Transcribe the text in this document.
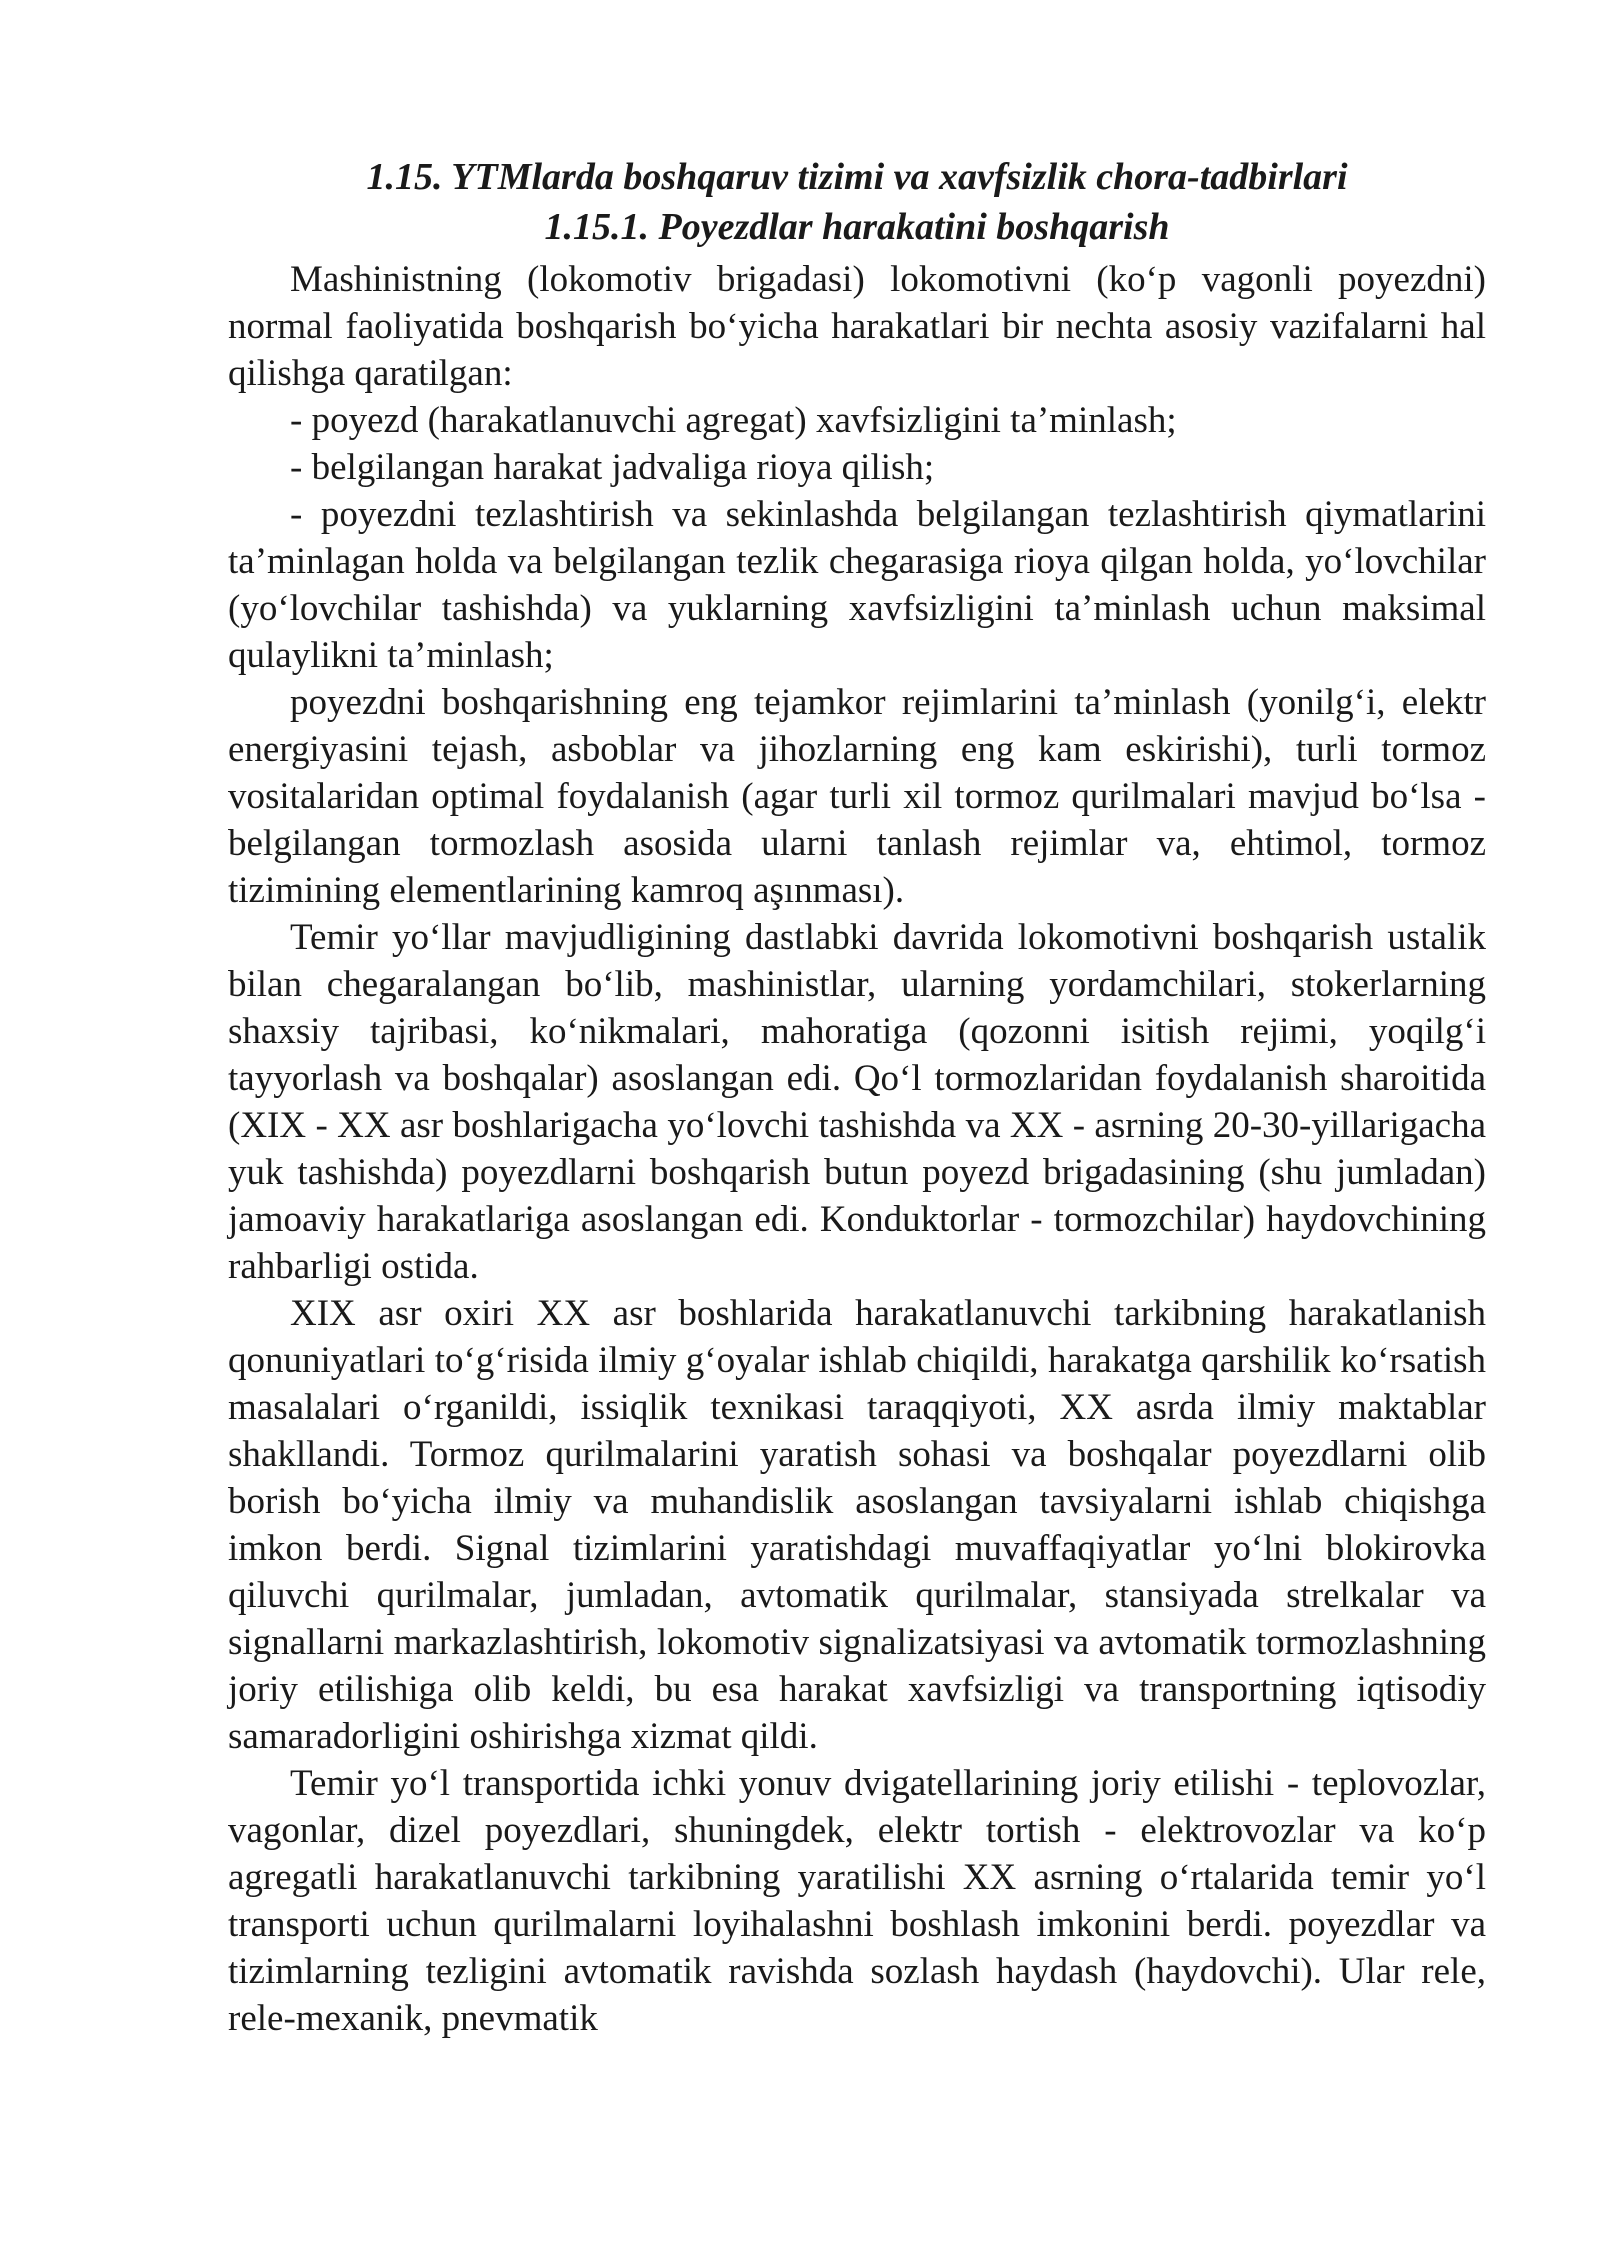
1.15. YTMlarda boshqaruv tizimi va xavfsizlik chora-tadbirlari

1.15.1. Poyezdlar harakatini boshqarish

Mashinistning (lokomotiv brigadasi) lokomotivni (ko‘p vagonli poyezdni) normal faoliyatida boshqarish bo‘yicha harakatlari bir nechta asosiy vazifalarni hal qilishga qaratilgan:

- poyezd (harakatlanuvchi agregat) xavfsizligini ta’minlash;

- belgilangan harakat jadvaliga rioya qilish;

- poyezdni tezlashtirish va sekinlashda belgilangan tezlashtirish qiymatlarini ta’minlagan holda va belgilangan tezlik chegarasiga rioya qilgan holda, yo‘lovchilar (yo‘lovchilar tashishda) va yuklarning xavfsizligini ta’minlash uchun maksimal qulaylikni ta’minlash;

poyezdni boshqarishning eng tejamkor rejimlarini ta’minlash (yonilg‘i, elektr energiyasini tejash, asboblar va jihozlarning eng kam eskirishi), turli tormoz vositalaridan optimal foydalanish (agar turli xil tormoz qurilmalari mavjud bo‘lsa - belgilangan tormozlash asosida ularni tanlash rejimlar va, ehtimol, tormoz tizimining elementlarining kamroq aşınması).

Temir yo‘llar mavjudligining dastlabki davrida lokomotivni boshqarish ustalik bilan chegaralangan bo‘lib, mashinistlar, ularning yordamchilari, stokerlarning shaxsiy tajribasi, ko‘nikmalari, mahoratiga (qozonni isitish rejimi, yoqilg‘i tayyorlash va boshqalar) asoslangan edi. Qo‘l tormozlaridan foydalanish sharoitida (XIX - XX asr boshlarigacha yo‘lovchi tashishda va XX - asrning 20-30-yillarigacha yuk tashishda) poyezdlarni boshqarish butun poyezd brigadasining (shu jumladan) jamoaviy harakatlariga asoslangan edi. Konduktorlar - tormozchilar) haydovchining rahbarligi ostida.

XIX asr oxiri XX asr boshlarida harakatlanuvchi tarkibning harakatlanish qonuniyatlari to‘g‘risida ilmiy g‘oyalar ishlab chiqildi, harakatga qarshilik ko‘rsatish masalalari o‘rganildi, issiqlik texnikasi taraqqiyoti, XX asrda ilmiy maktablar shakllandi. Tormoz qurilmalarini yaratish sohasi va boshqalar poyezdlarni olib borish bo‘yicha ilmiy va muhandislik asoslangan tavsiyalarni ishlab chiqishga imkon berdi. Signal tizimlarini yaratishdagi muvaffaqiyatlar yo‘lni blokirovka qiluvchi qurilmalar, jumladan, avtomatik qurilmalar, stansiyada strelkalar va signallarni markazlashtirish, lokomotiv signalizatsiyasi va avtomatik tormozlashning joriy etilishiga olib keldi, bu esa harakat xavfsizligi va transportning iqtisodiy samaradorligini oshirishga xizmat qildi.

Temir yo‘l transportida ichki yonuv dvigatellarining joriy etilishi - teplovozlar, vagonlar, dizel poyezdlari, shuningdek, elektr tortish - elektrovozlar va ko‘p agregatli harakatlanuvchi tarkibning yaratilishi XX asrning o‘rtalarida temir yo‘l transporti uchun qurilmalarni loyihalashni boshlash imkonini berdi. poyezdlar va tizimlarning tezligini avtomatik ravishda sozlash haydash (haydovchi). Ular rele, rele-mexanik, pnevmatik
